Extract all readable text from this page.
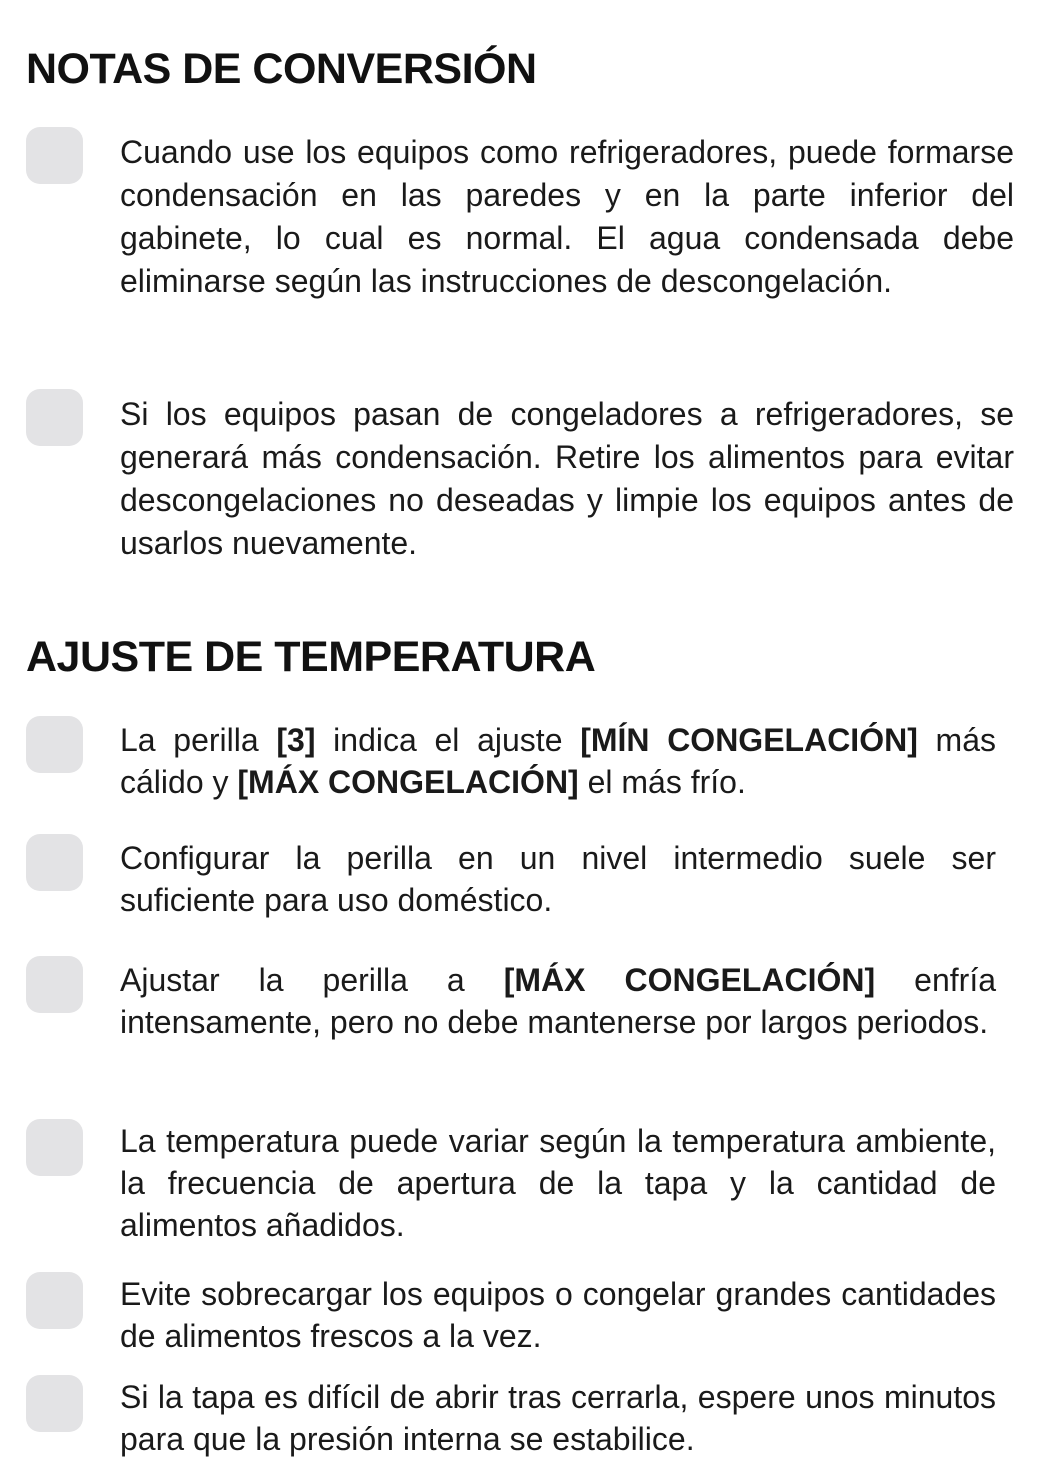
NOTAS DE CONVERSIÓN

Cuando use los equipos como refrigeradores, puede formarse condensación en las paredes y en la parte inferior del gabinete, lo cual es normal. El agua condensada debe eliminarse según las instrucciones de descongelación.

Si los equipos pasan de congeladores a refrigeradores, se generará más condensación. Retire los alimentos para evitar descongelaciones no deseadas y limpie los equipos antes de usarlos nuevamente.

AJUSTE DE TEMPERATURA

La perilla [3] indica el ajuste [MÍN CONGELACIÓN] más cálido y [MÁX CONGELACIÓN] el más frío.

Configurar la perilla en un nivel intermedio suele ser suficiente para uso doméstico.

Ajustar la perilla a [MÁX CONGELACIÓN] enfría intensamente, pero no debe mantenerse por largos periodos.

La temperatura puede variar según la temperatura ambiente, la frecuencia de apertura de la tapa y la cantidad de alimentos añadidos.

Evite sobrecargar los equipos o congelar grandes cantidades de alimentos frescos a la vez.

Si la tapa es difícil de abrir tras cerrarla, espere unos minutos para que la presión interna se estabilice.
